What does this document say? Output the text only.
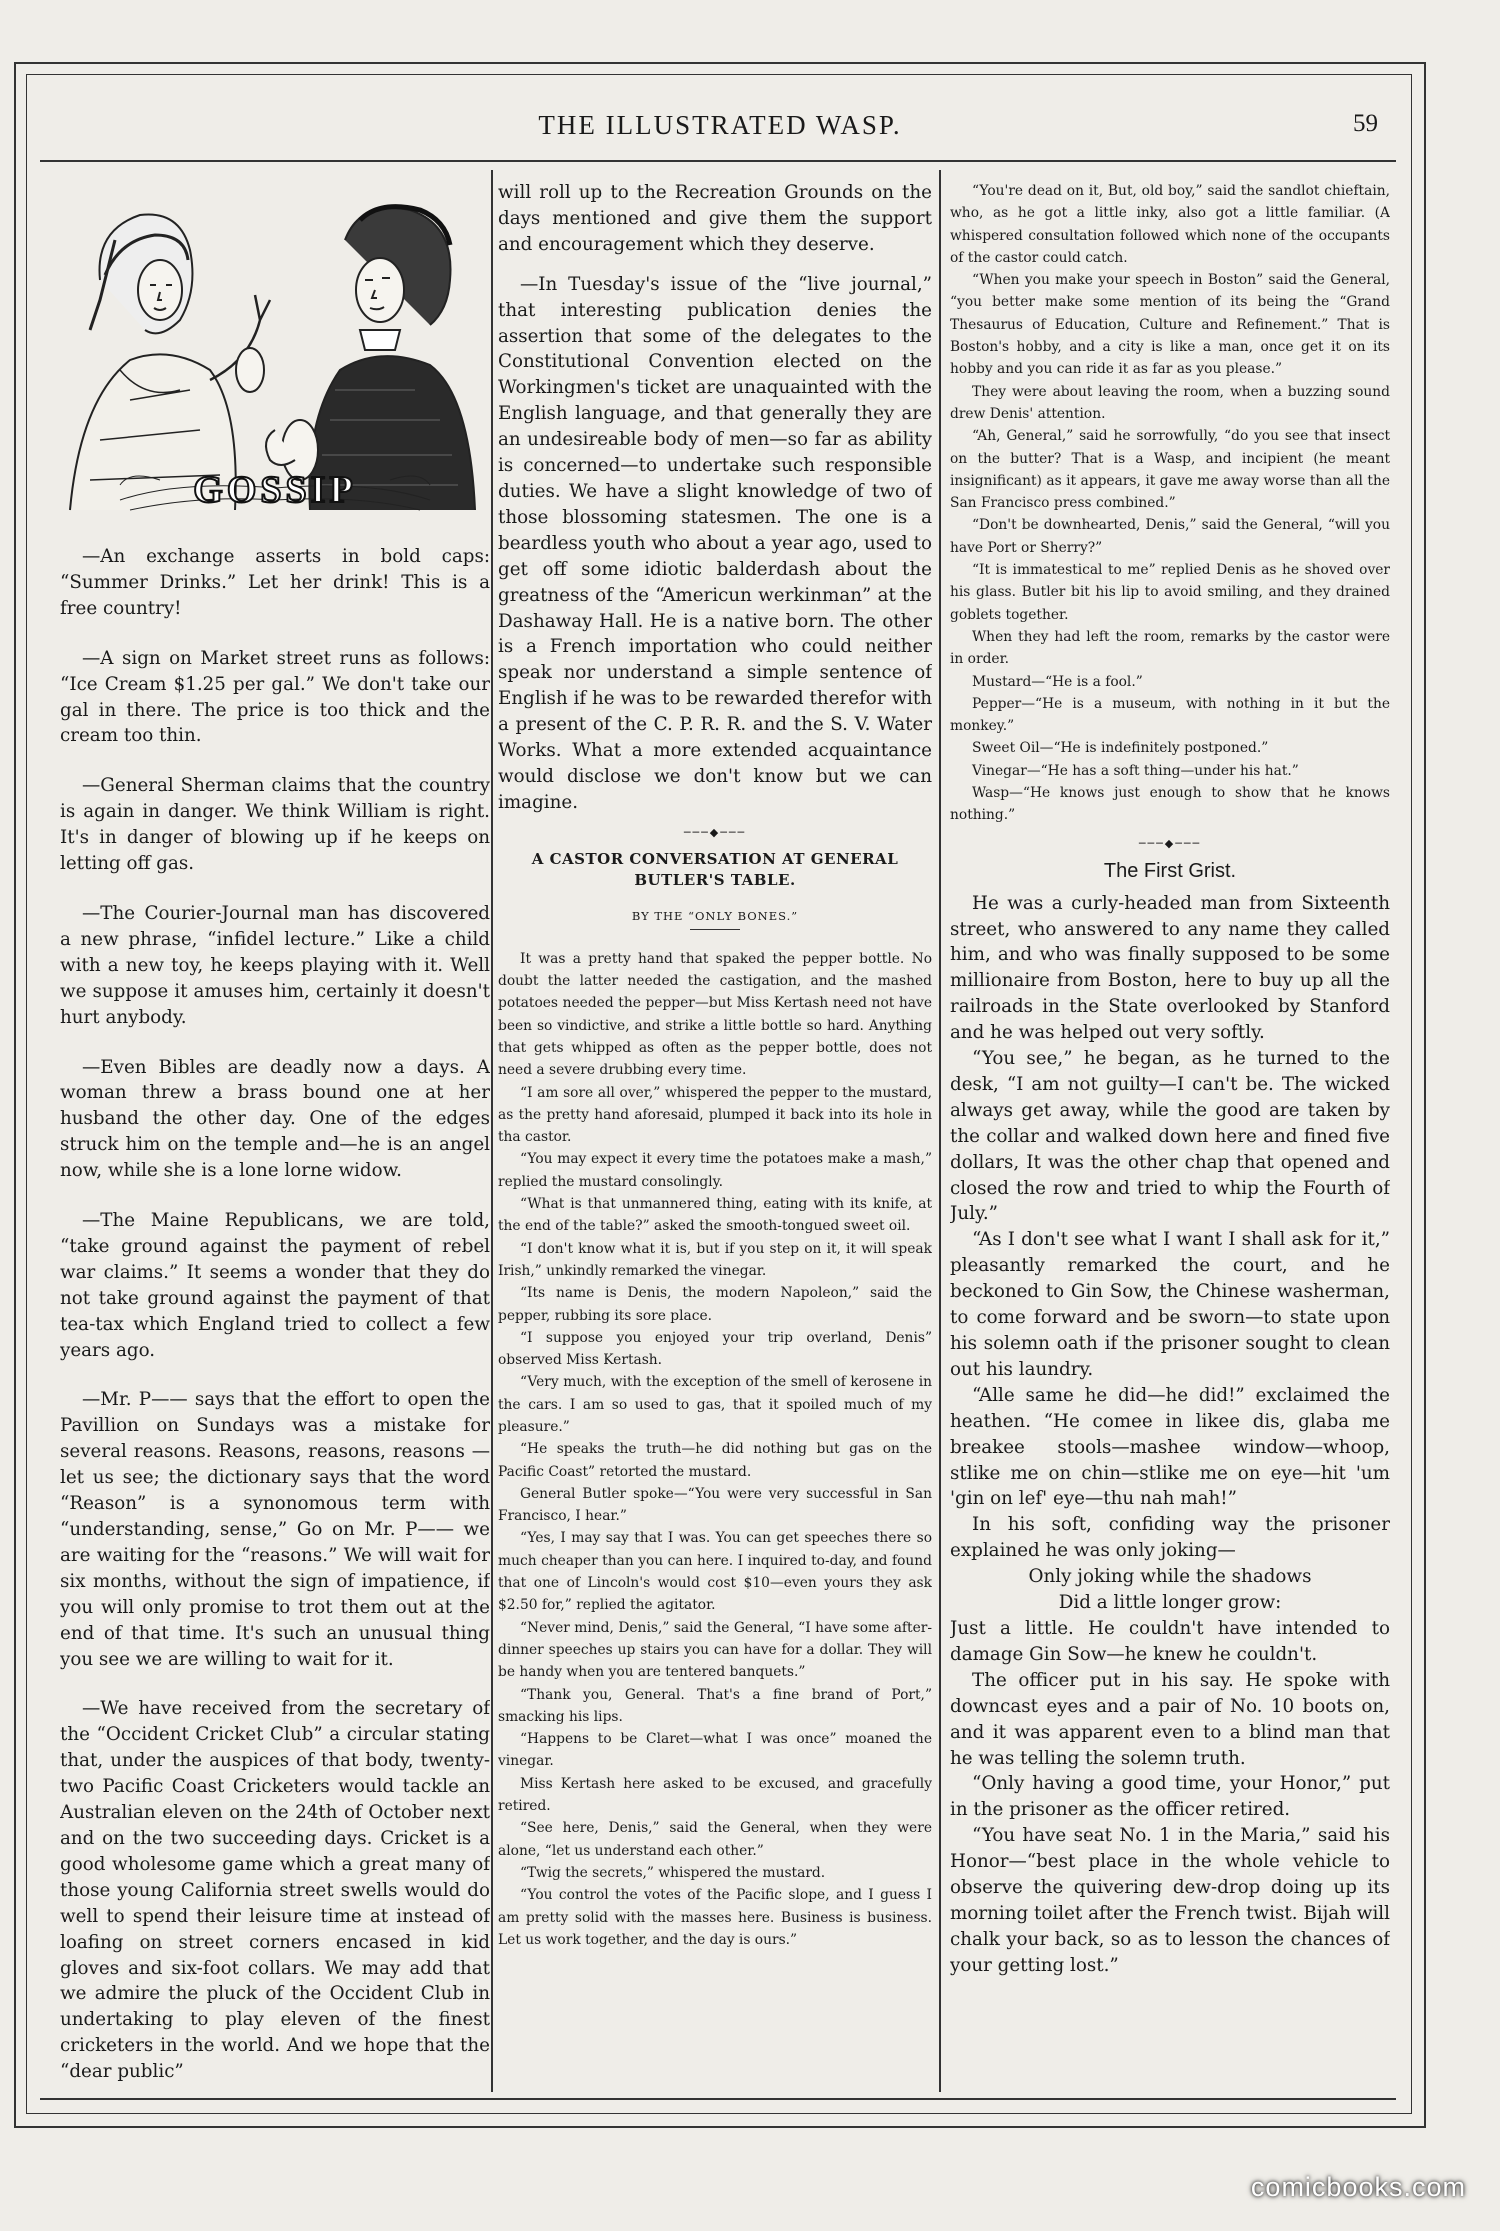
THE ILLUSTRATED WASP.	59
GOSSIP

—An exchange asserts in bold caps: “Summer Drinks.” Let her drink! This is a free country!

—A sign on Market street runs as follows: “Ice Cream $1.25 per gal.” We don't take our gal in there. The price is too thick and the cream too thin.

—General Sherman claims that the country is again in danger. We think William is right. It's in danger of blowing up if he keeps on letting off gas.

—The Courier-Journal man has discovered a new phrase, “infidel lecture.” Like a child with a new toy, he keeps playing with it. Well we suppose it amuses him, certainly it doesn't hurt anybody.

—Even Bibles are deadly now a days. A woman threw a brass bound one at her husband the other day. One of the edges struck him on the temple and—he is an angel now, while she is a lone lorne widow.

—The Maine Republicans, we are told, “take ground against the payment of rebel war claims.” It seems a wonder that they do not take ground against the payment of that tea-tax which England tried to collect a few years ago.

—Mr. P—— says that the effort to open the Pavillion on Sundays was a mistake for several reasons. Reasons, reasons, reasons —let us see; the dictionary says that the word “Reason” is a synonomous term with “understanding, sense,” Go on Mr. P—— we are waiting for the “reasons.” We will wait for six months, without the sign of impatience, if you will only promise to trot them out at the end of that time. It's such an unusual thing you see we are willing to wait for it.

—We have received from the secretary of the “Occident Cricket Club” a circular stating that, under the auspices of that body, twenty-two Pacific Coast Cricketers would tackle an Australian eleven on the 24th of October next and on the two succeeding days. Cricket is a good wholesome game which a great many of those young California street swells would do well to spend their leisure time at instead of loafing on street corners encased in kid gloves and six-foot collars. We may add that we admire the pluck of the Occident Club in undertaking to play eleven of the finest cricketers in the world. And we hope that the “dear public”

will roll up to the Recreation Grounds on the days mentioned and give them the support and encouragement which they deserve.

—In Tuesday's issue of the “live journal,” that interesting publication denies the assertion that some of the delegates to the Constitutional Convention elected on the Workingmen's ticket are unaquainted with the English language, and that generally they are an undesireable body of men—so far as ability is concerned—to undertake such responsible duties. We have a slight knowledge of two of those blossoming statesmen. The one is a beardless youth who about a year ago, used to get off some idiotic balderdash about the greatness of the “Americun werkinman” at the Dashaway Hall. He is a native born. The other is a French importation who could neither speak nor understand a simple sentence of English if he was to be rewarded therefor with a present of the C. P. R. R. and the S. V. Water Works. What a more extended acquaintance would disclose we don't know but we can imagine.

───◆───
A CASTOR CONVERSATION AT GENERAL BUTLER'S TABLE.
BY THE “ONLY BONES.”

It was a pretty hand that spaked the pepper bottle. No doubt the latter needed the castigation, and the mashed potatoes needed the pepper—but Miss Kertash need not have been so vindictive, and strike a little bottle so hard. Anything that gets whipped as often as the pepper bottle, does not need a severe drubbing every time.

“I am sore all over,” whispered the pepper to the mustard, as the pretty hand aforesaid, plumped it back into its hole in tha castor.

“You may expect it every time the potatoes make a mash,” replied the mustard consolingly.

“What is that unmannered thing, eating with its knife, at the end of the table?” asked the smooth-tongued sweet oil.

“I don't know what it is, but if you step on it, it will speak Irish,” unkindly remarked the vinegar.

“Its name is Denis, the modern Napoleon,” said the pepper, rubbing its sore place.

“I suppose you enjoyed your trip overland, Denis” observed Miss Kertash.

“Very much, with the exception of the smell of kerosene in the cars. I am so used to gas, that it spoiled much of my pleasure.”

“He speaks the truth—he did nothing but gas on the Pacific Coast” retorted the mustard.

General Butler spoke—“You were very successful in San Francisco, I hear.”

“Yes, I may say that I was. You can get speeches there so much cheaper than you can here. I inquired to-day, and found that one of Lincoln's would cost $10—even yours they ask $2.50 for,” replied the agitator.

“Never mind, Denis,” said the General, “I have some after-dinner speeches up stairs you can have for a dollar. They will be handy when you are tentered banquets.”

“Thank you, General. That's a fine brand of Port,” smacking his lips.

“Happens to be Claret—what I was once” moaned the vinegar.

Miss Kertash here asked to be excused, and gracefully retired.

“See here, Denis,” said the General, when they were alone, “let us understand each other.”

“Twig the secrets,” whispered the mustard.

“You control the votes of the Pacific slope, and I guess I am pretty solid with the masses here. Business is business. Let us work together, and the day is ours.”

“You're dead on it, But, old boy,” said the sandlot chieftain, who, as he got a little inky, also got a little familiar. (A whispered consultation followed which none of the occupants of the castor could catch.

“When you make your speech in Boston” said the General, “you better make some mention of its being the “Grand Thesaurus of Education, Culture and Refinement.” That is Boston's hobby, and a city is like a man, once get it on its hobby and you can ride it as far as you please.”

They were about leaving the room, when a buzzing sound drew Denis' attention.

“Ah, General,” said he sorrowfully, “do you see that insect on the butter? That is a Wasp, and incipient (he meant insignificant) as it appears, it gave me away worse than all the San Francisco press combined.”

“Don't be downhearted, Denis,” said the General, “will you have Port or Sherry?”

“It is immatestical to me” replied Denis as he shoved over his glass. Butler bit his lip to avoid smiling, and they drained goblets together.

When they had left the room, remarks by the castor were in order.

Mustard—“He is a fool.”

Pepper—“He is a museum, with nothing in it but the monkey.”

Sweet Oil—“He is indefinitely postponed.”

Vinegar—“He has a soft thing—under his hat.”

Wasp—“He knows just enough to show that he knows nothing.”

───◆───
The First Grist.

He was a curly-headed man from Sixteenth street, who answered to any name they called him, and who was finally supposed to be some millionaire from Boston, here to buy up all the railroads in the State overlooked by Stanford and he was helped out very softly.

“You see,” he began, as he turned to the desk, “I am not guilty—I can't be. The wicked always get away, while the good are taken by the collar and walked down here and fined five dollars, It was the other chap that opened and closed the row and tried to whip the Fourth of July.”

“As I don't see what I want I shall ask for it,” pleasantly remarked the court, and he beckoned to Gin Sow, the Chinese washerman, to come forward and be sworn—to state upon his solemn oath if the prisoner sought to clean out his laundry.

“Alle same he did—he did!” exclaimed the heathen. “He comee in likee dis, glaba me breakee stools—mashee window—whoop, stlike me on chin—stlike me on eye—hit 'um 'gin on lef' eye—thu nah mah!”

In his soft, confiding way the prisoner explained he was only joking—

Only joking while the shadows

Did a little longer grow:

Just a little. He couldn't have intended to damage Gin Sow—he knew he couldn't.

The officer put in his say. He spoke with downcast eyes and a pair of No. 10 boots on, and it was apparent even to a blind man that he was telling the solemn truth.

“Only having a good time, your Honor,” put in the prisoner as the officer retired.

“You have seat No. 1 in the Maria,” said his Honor—“best place in the whole vehicle to observe the quivering dew-drop doing up its morning toilet after the French twist. Bijah will chalk your back, so as to lesson the chances of your getting lost.”

comicbooks.com
